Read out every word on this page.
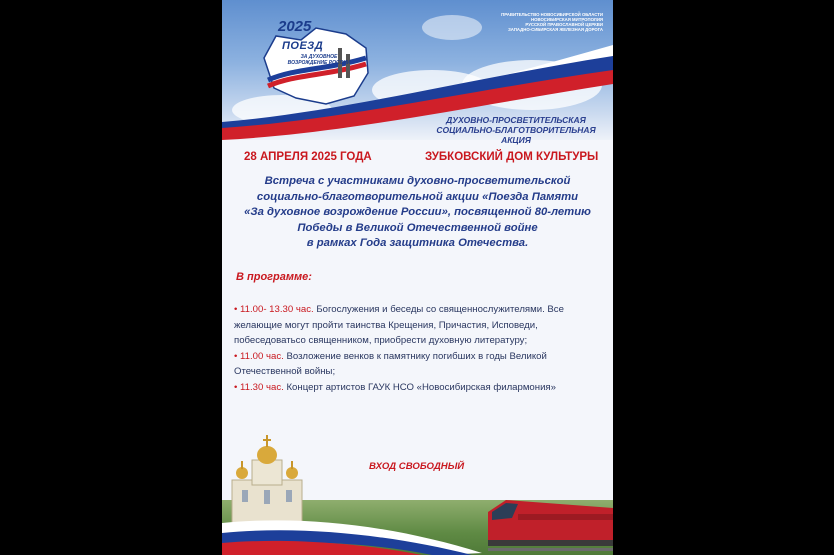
2025
ПОЕЗД
ЗА ДУХОВНОЕ ВОЗРОЖДЕНИЕ РОССИИ
ПРАВИТЕЛЬСТВО НОВОСИБИРСКОЙ ОБЛАСТИ
НОВОСИБИРСКАЯ МИТРОПОЛИЯ
РУССКОЙ ПРАВОСЛАВНОЙ ЦЕРКВИ
ЗАПАДНО-СИБИРСКАЯ ЖЕЛЕЗНАЯ ДОРОГА
ДУХОВНО-ПРОСВЕТИТЕЛЬСКАЯ
СОЦИАЛЬНО-БЛАГОТВОРИТЕЛЬНАЯ
АКЦИЯ
28 АПРЕЛЯ 2025 ГОДА	ЗУБКОВСКИЙ ДОМ КУЛЬТУРЫ
Встреча с участниками духовно-просветительской
социально-благотворительной акции «Поезда Памяти
«За духовное возрождение России», посвященной 80-летию
Победы в Великой Отечественной войне
в рамках Года защитника Отечества.
В программе:

• 11.00- 13.30 час. Богослужения и беседы со священнослужителями. Все желающие могут пройти таинства Крещения, Причастия, Исповеди, побеседоватьсо священником, приобрести духовную литературу;

• 11.00 час. Возложение венков к памятнику погибших в годы Великой Отечественной войны;

• 11.30 час. Концерт артистов ГАУК НСО «Новосибирская филармония»

ВХОД СВОБОДНЫЙ
